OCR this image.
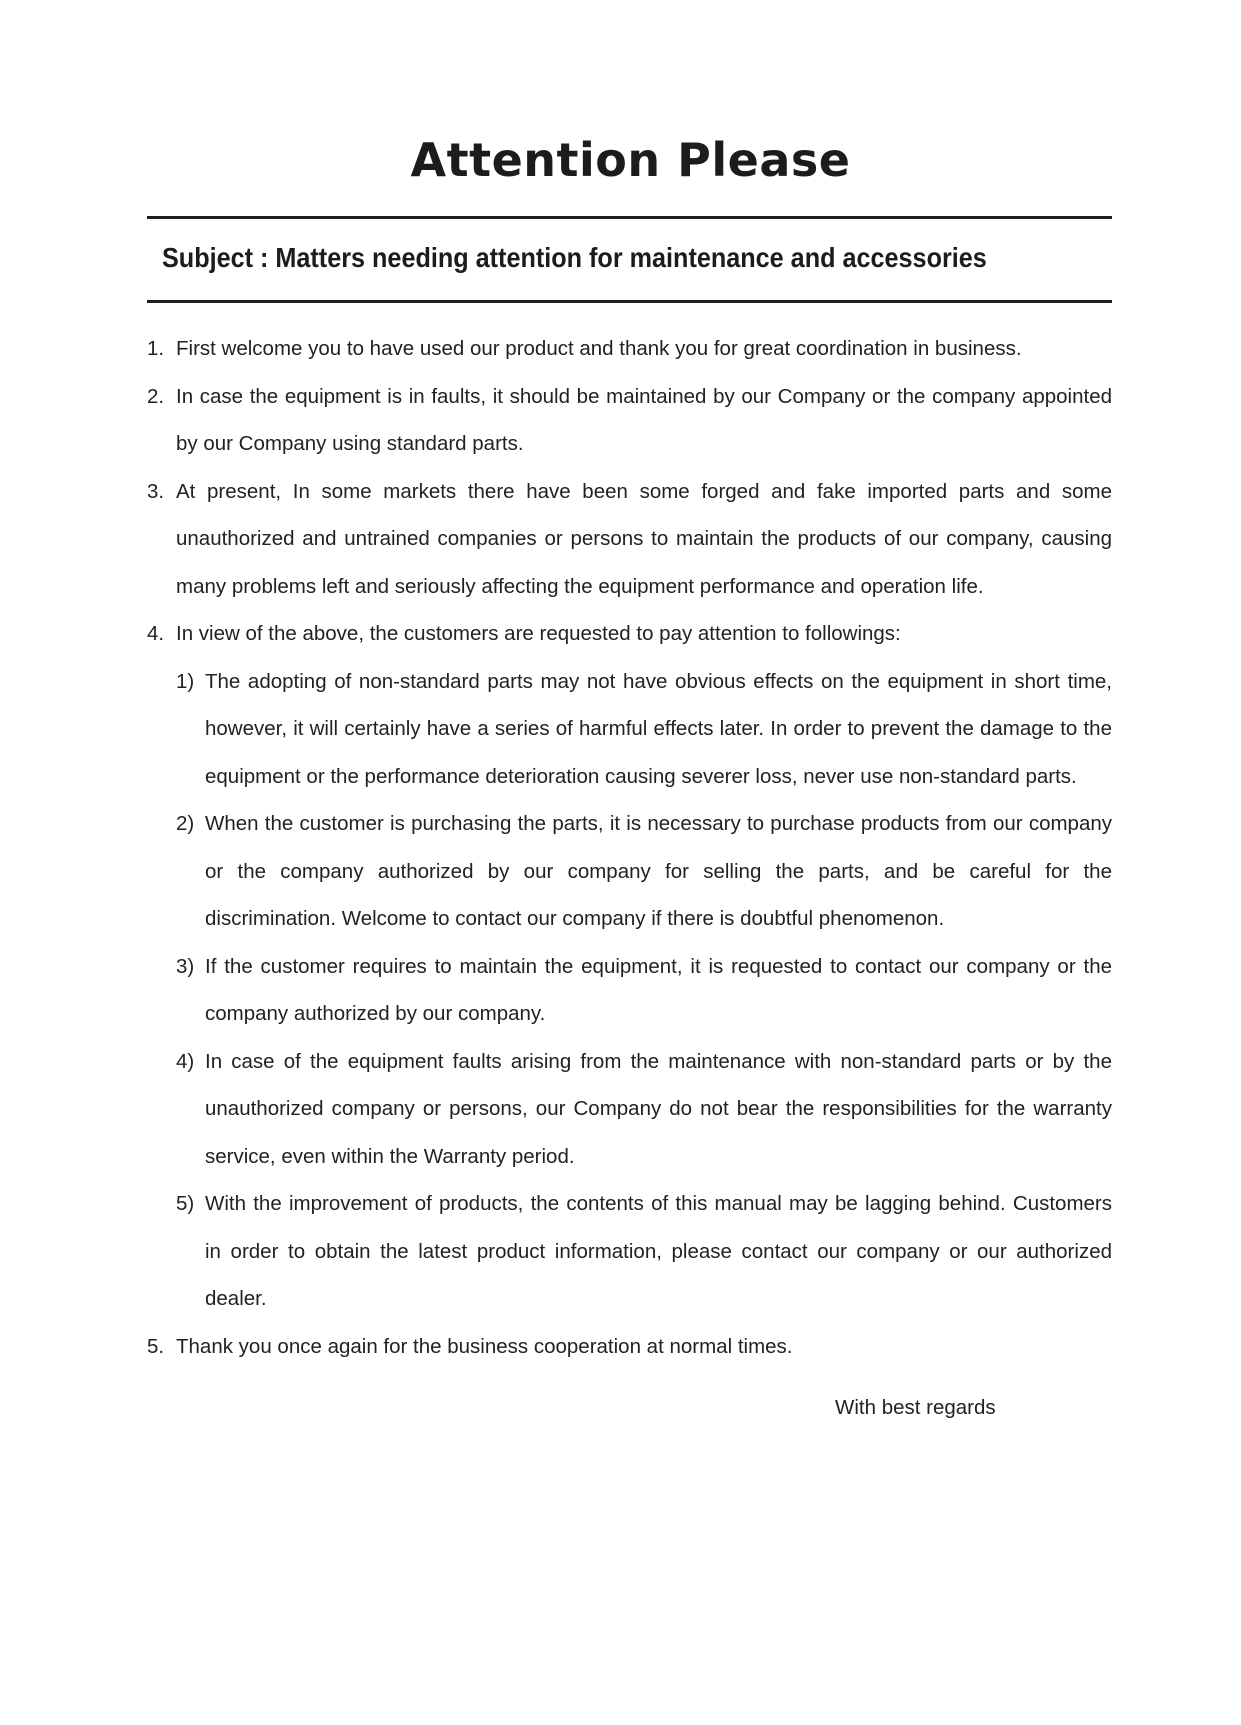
Attention Please
Subject : Matters needing attention for maintenance and accessories
1. First welcome you to have used our product and thank you for great coordination in business.
2. In case the equipment is in faults, it should be maintained by our Company or the company appointed by our Company using standard parts.
3. At present, In some markets there have been some forged and fake imported parts and some unauthorized and untrained companies or persons to maintain the products of our company, causing many problems left and seriously affecting the equipment performance and operation life.
4. In view of the above, the customers are requested to pay attention to followings:
1) The adopting of non-standard parts may not have obvious effects on the equipment in short time, however, it will certainly have a series of harmful effects later. In order to prevent the damage to the equipment or the performance deterioration causing severer loss, never use non-standard parts.
2) When the customer is purchasing the parts, it is necessary to purchase products from our company or the company authorized by our company for selling the parts, and be careful for the discrimination. Welcome to contact our company if there is doubtful phenomenon.
3) If the customer requires to maintain the equipment, it is requested to contact our company or the company authorized by our company.
4) In case of the equipment faults arising from the maintenance with non-standard parts or by the unauthorized company or persons, our Company do not bear the responsibilities for the warranty service, even within the Warranty period.
5) With the improvement of products, the contents of this manual may be lagging behind. Customers in order to obtain the latest product information, please contact our company or our authorized dealer.
5. Thank you once again for the business cooperation at normal times.
With best regards
